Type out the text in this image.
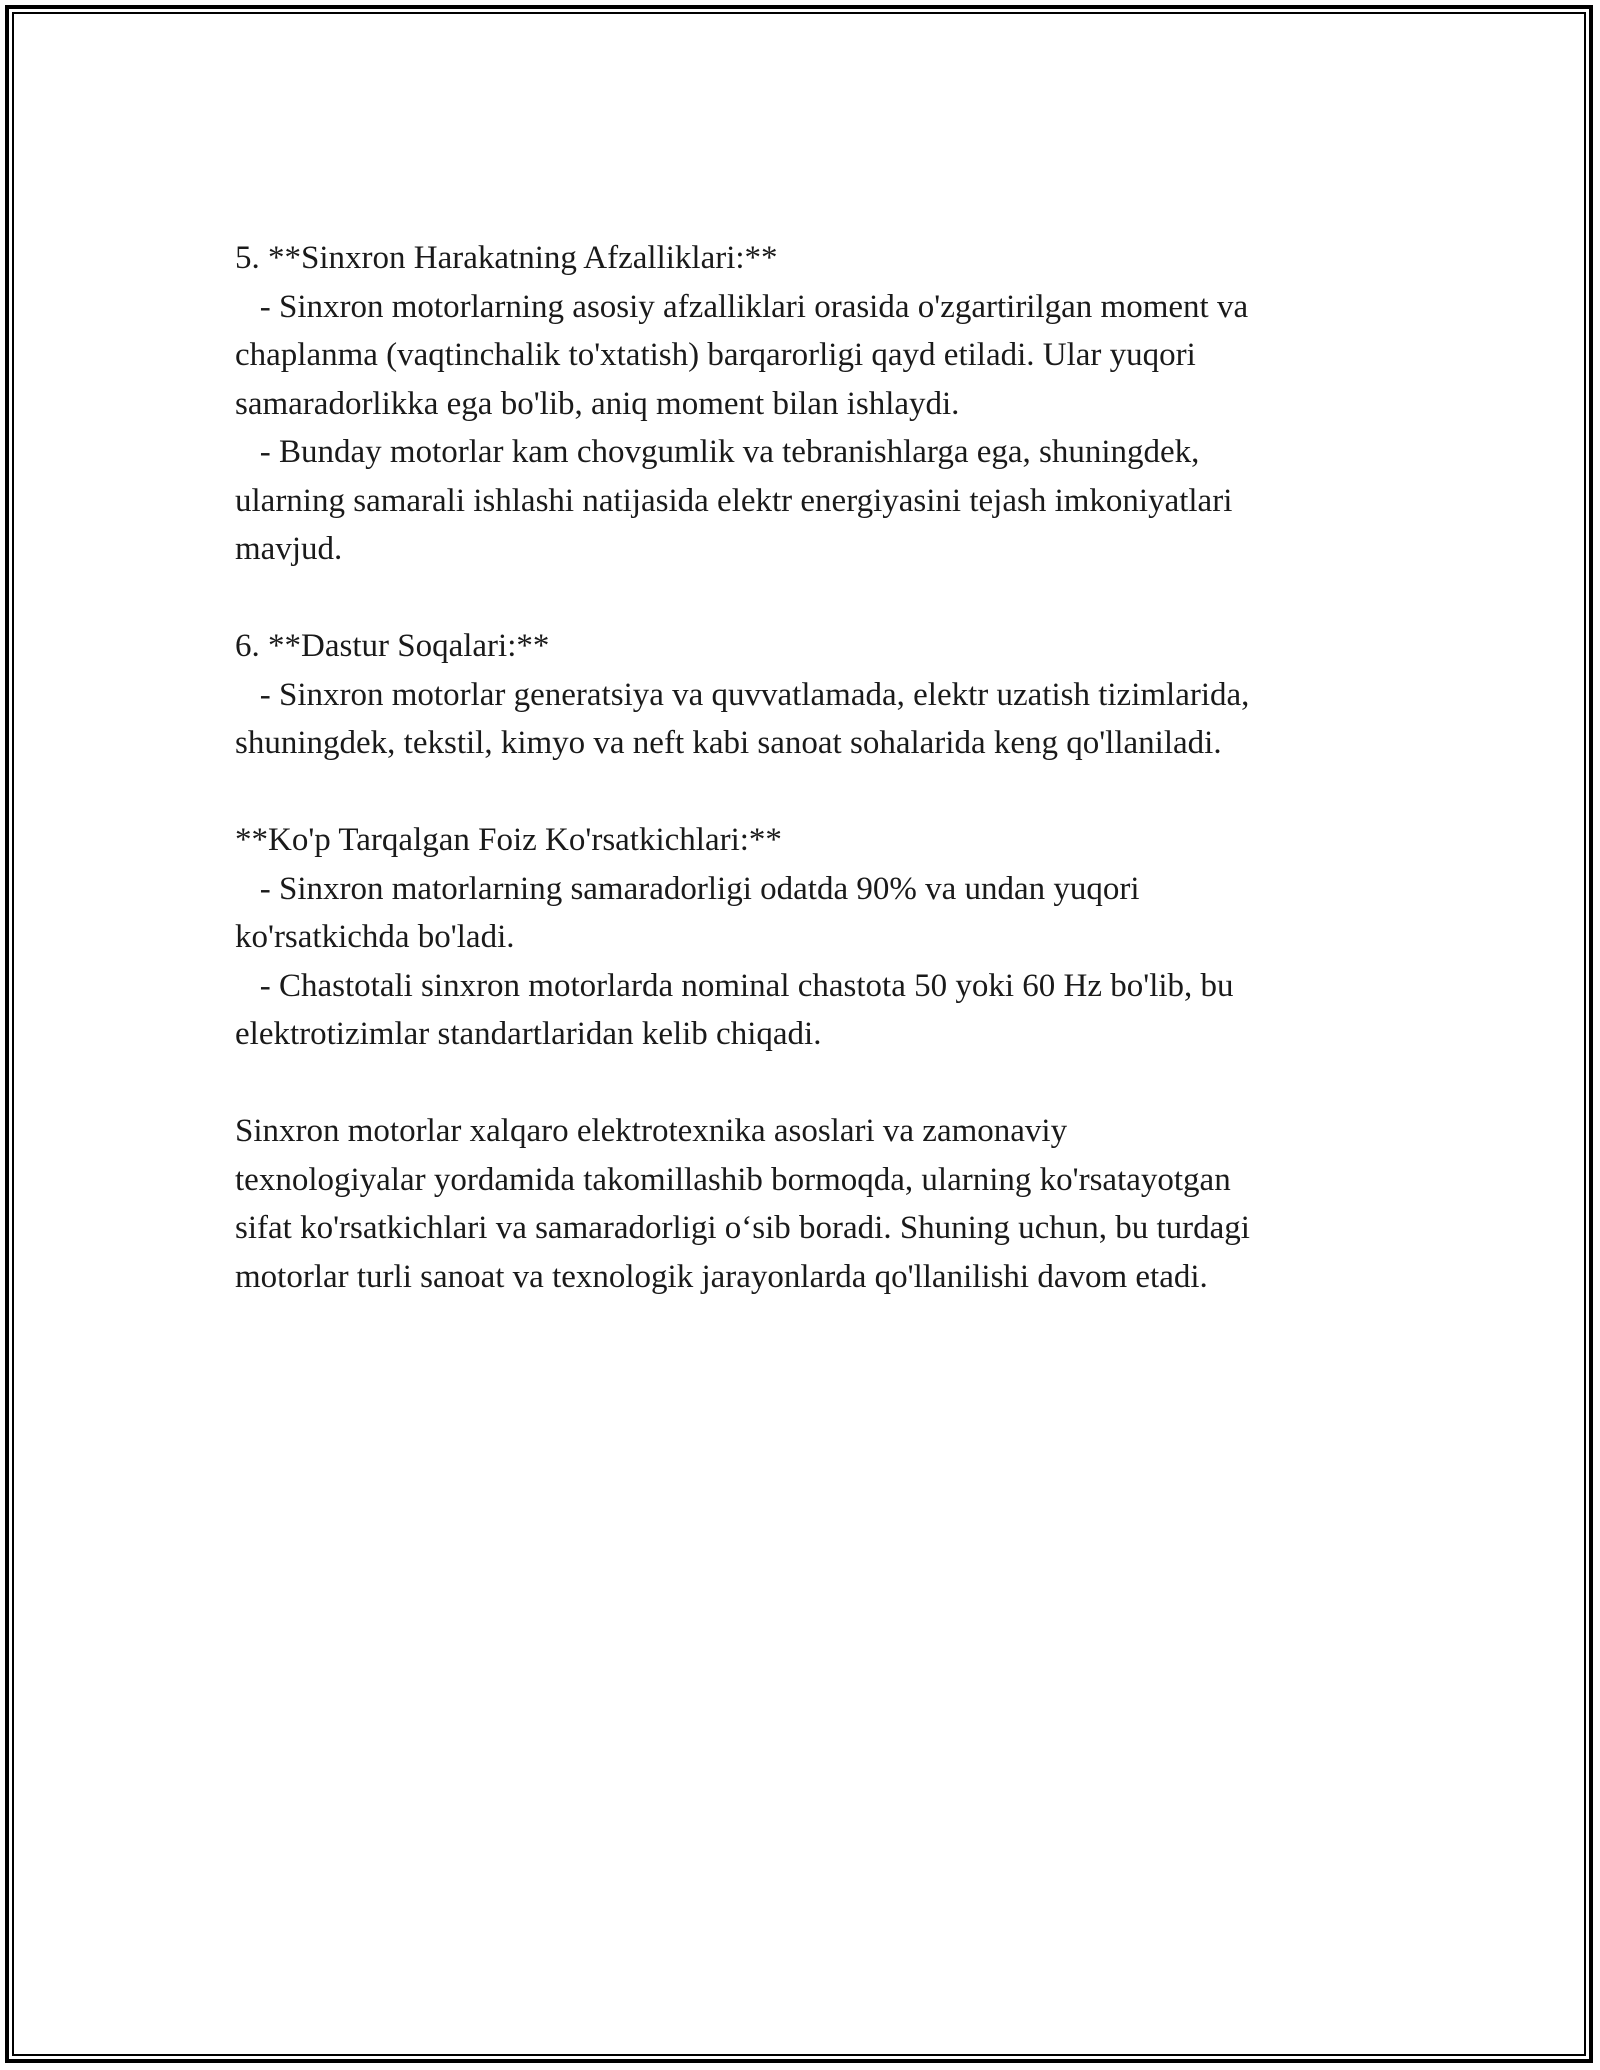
5. **Sinxron Harakatning Afzalliklari:**
- Sinxron motorlarning asosiy afzalliklari orasida o'zgartirilgan moment va
chaplanma (vaqtinchalik to'xtatish) barqarorligi qayd etiladi. Ular yuqori
samaradorlikka ega bo'lib, aniq moment bilan ishlaydi.
- Bunday motorlar kam chovgumlik va tebranishlarga ega, shuningdek,
ularning samarali ishlashi natijasida elektr energiyasini tejash imkoniyatlari
mavjud.
6. **Dastur Soqalari:**
- Sinxron motorlar generatsiya va quvvatlamada, elektr uzatish tizimlarida,
shuningdek, tekstil, kimyo va neft kabi sanoat sohalarida keng qo'llaniladi.
**Ko'p Tarqalgan Foiz Ko'rsatkichlari:**
- Sinxron matorlarning samaradorligi odatda 90% va undan yuqori
ko'rsatkichda bo'ladi.
- Chastotali sinxron motorlarda nominal chastota 50 yoki 60 Hz bo'lib, bu
elektrotizimlar standartlaridan kelib chiqadi.
Sinxron motorlar xalqaro elektrotexnika asoslari va zamonaviy
texnologiyalar yordamida takomillashib bormoqda, ularning ko'rsatayotgan
sifat ko'rsatkichlari va samaradorligi o‘sib boradi. Shuning uchun, bu turdagi
motorlar turli sanoat va texnologik jarayonlarda qo'llanilishi davom etadi.
